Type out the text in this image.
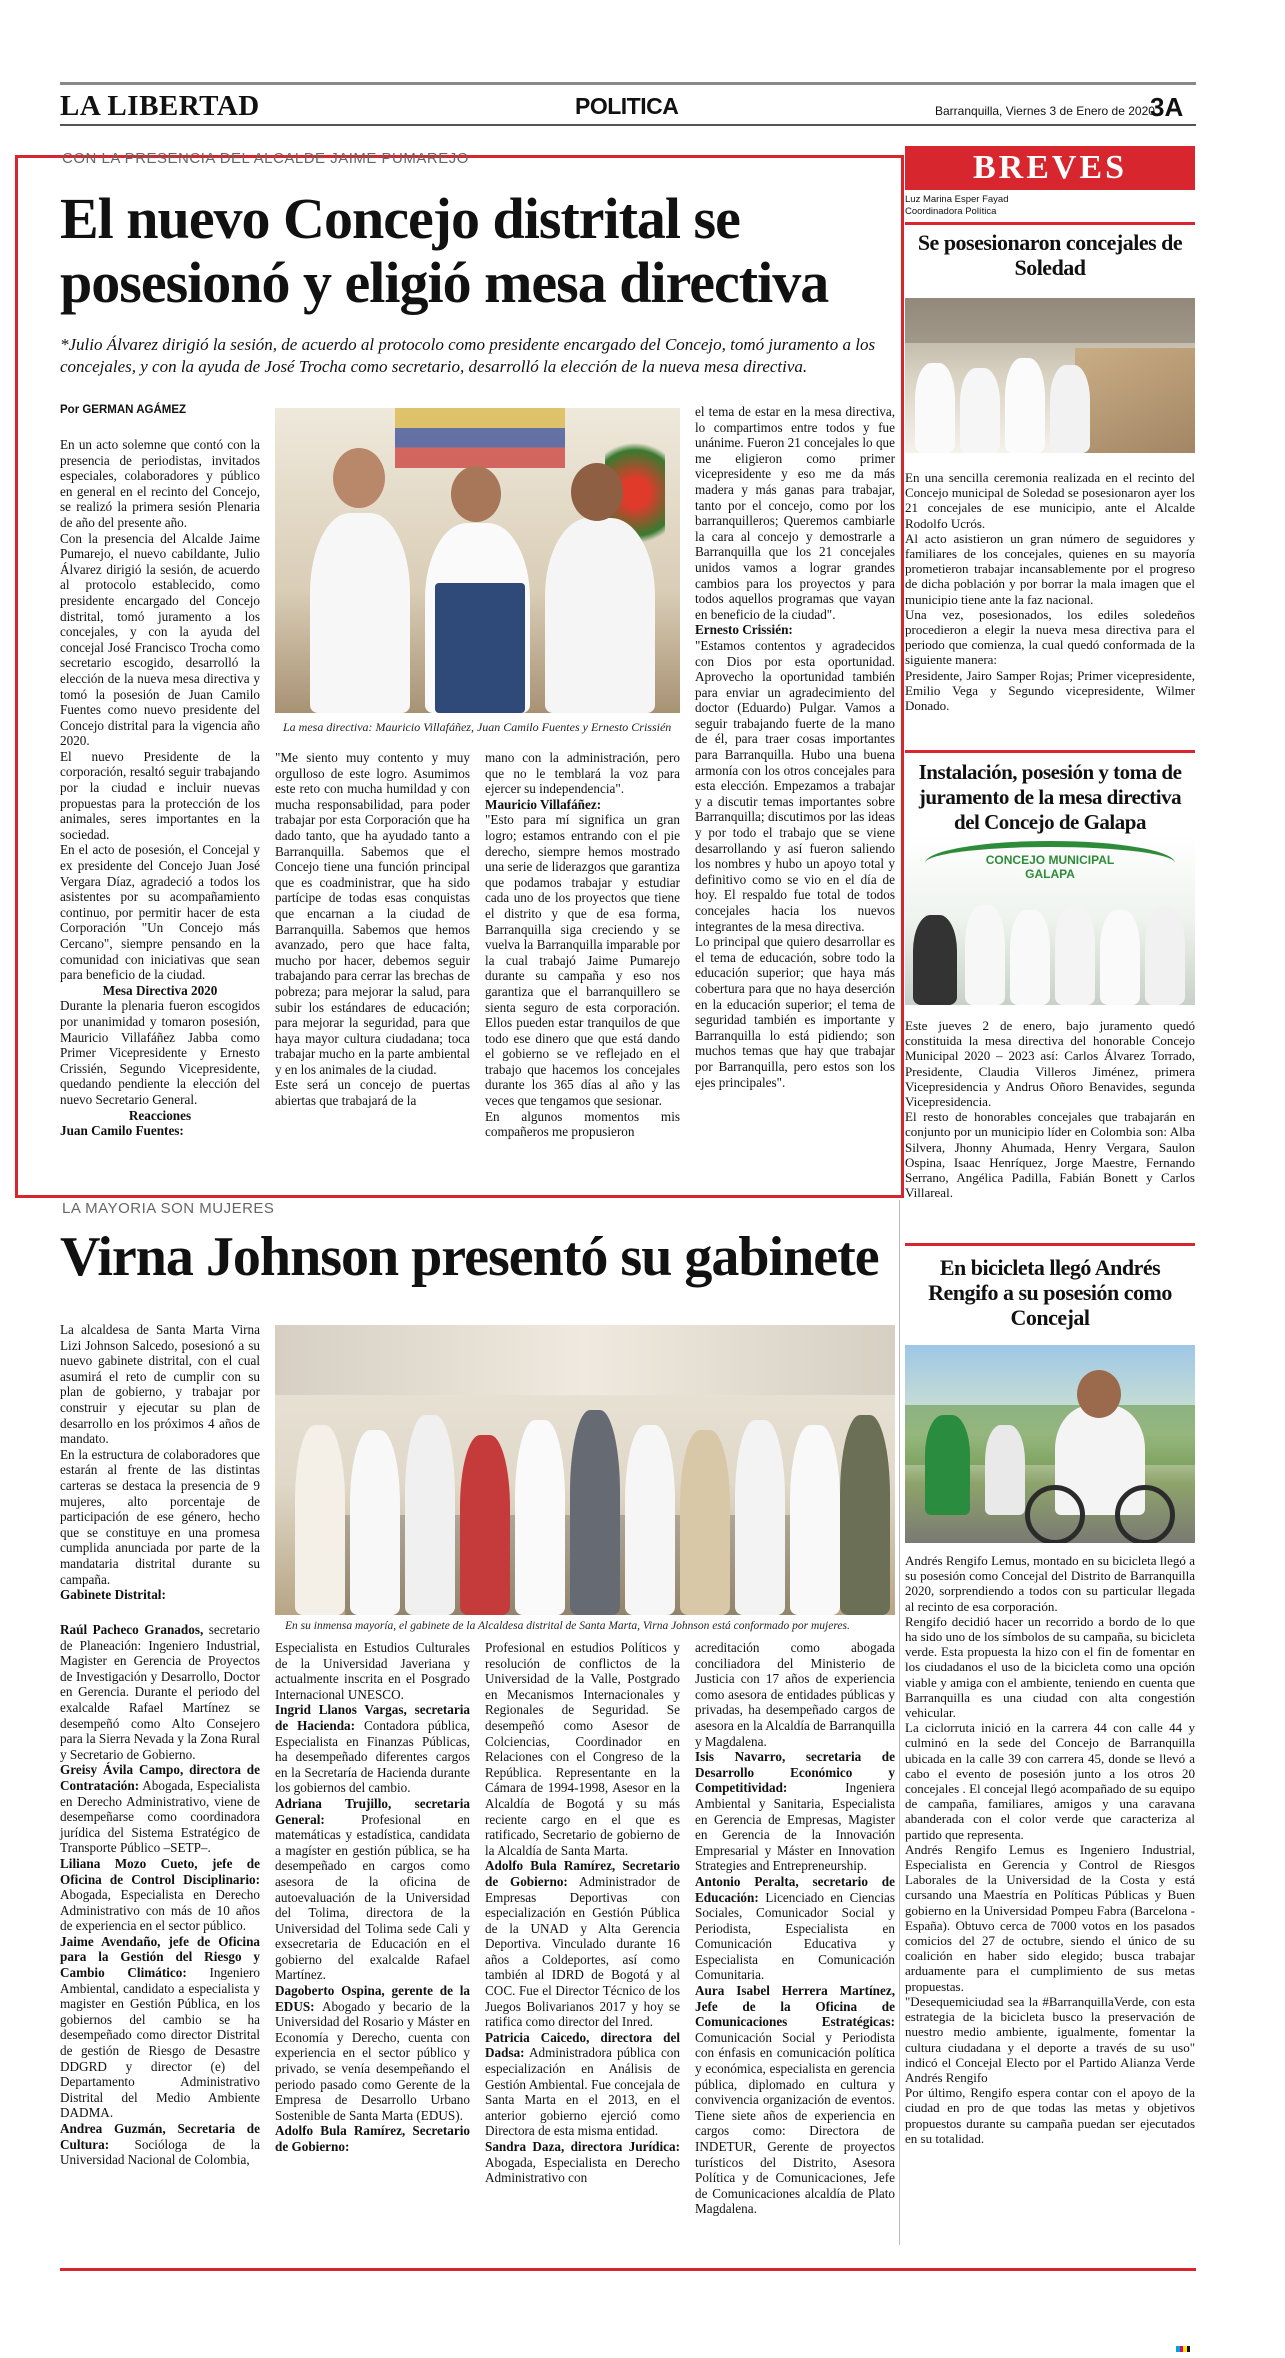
LA LIBERTAD	POLITICA	Barranquilla, Viernes 3 de Enero de 2020
3A
CON LA PRESENCIA DEL ALCALDE JAIME PUMAREJO
El nuevo Concejo distrital se
posesionó y eligió mesa directiva
*Julio Álvarez dirigió la sesión, de acuerdo al protocolo como presidente encargado del Concejo, tomó juramento a los concejales, y con la ayuda de José Trocha como secretario, desarrolló la elección de la nueva mesa directiva.
Por GERMAN AGÁMEZ
La mesa directiva: Mauricio Villafáñez, Juan Camilo Fuentes y Ernesto Crissién

En un acto solemne que contó con la presencia de periodistas, invitados especiales, colaboradores y público en general en el recinto del Concejo, se realizó la primera sesión Plenaria de año del presente año.

Con la presencia del Alcalde Jaime Pumarejo, el nuevo cabildante, Julio Álvarez dirigió la sesión, de acuerdo al protocolo establecido, como presidente encargado del Concejo distrital, tomó juramento a los concejales, y con la ayuda del concejal José Francisco Trocha como secretario escogido, desarrolló la elección de la nueva mesa directiva y tomó la posesión de Juan Camilo Fuentes como nuevo presidente del Concejo distrital para la vigencia año 2020.

El nuevo Presidente de la corporación, resaltó seguir trabajando por la ciudad e incluir nuevas propuestas para la protección de los animales, seres importantes en la sociedad.

En el acto de posesión, el Concejal y ex presidente del Concejo Juan José Vergara Díaz, agradeció a todos los asistentes por su acompañamiento continuo, por permitir hacer de esta Corporación "Un Concejo más Cercano", siempre pensando en la comunidad con iniciativas que sean para beneficio de la ciudad.

Mesa Directiva 2020

Durante la plenaria fueron escogidos por unanimidad y tomaron posesión, Mauricio Villafáñez Jabba como Primer Vicepresidente y Ernesto Crissién, Segundo Vicepresidente, quedando pendiente la elección del nuevo Secretario General.

Reacciones

Juan Camilo Fuentes:

"Me siento muy contento y muy orgulloso de este logro. Asumimos este reto con mucha humildad y con mucha responsabilidad, para poder trabajar por esta Corporación que ha dado tanto, que ha ayudado tanto a Barranquilla. Sabemos que el Concejo tiene una función principal que es coadministrar, que ha sido partícipe de todas esas conquistas que encarnan a la ciudad de Barranquilla. Sabemos que hemos avanzado, pero que hace falta, mucho por hacer, debemos seguir trabajando para cerrar las brechas de pobreza; para mejorar la salud, para subir los estándares de educación; para mejorar la seguridad, para que haya mayor cultura ciudadana; toca trabajar mucho en la parte ambiental y en los animales de la ciudad.

Este será un concejo de puertas abiertas que trabajará de la

mano con la administración, pero que no le temblará la voz para ejercer su independencia".

Mauricio Villafáñez:

"Esto para mí significa un gran logro; estamos entrando con el pie derecho, siempre hemos mostrado una serie de liderazgos que garantiza que podamos trabajar y estudiar cada uno de los proyectos que tiene el distrito y que de esa forma, Barranquilla siga creciendo y se vuelva la Barranquilla imparable por la cual trabajó Jaime Pumarejo durante su campaña y eso nos garantiza que el barranquillero se sienta seguro de esta corporación. Ellos pueden estar tranquilos de que todo ese dinero que que está dando el gobierno se ve reflejado en el trabajo que hacemos los concejales durante los 365 días al año y las veces que tengamos que sesionar.

En algunos momentos mis compañeros me propusieron

el tema de estar en la mesa directiva, lo compartimos entre todos y fue unánime. Fueron 21 concejales lo que me eligieron como primer vicepresidente y eso me da más madera y más ganas para trabajar, tanto por el concejo, como por los barranquilleros; Queremos cambiarle la cara al concejo y demostrarle a Barranquilla que los 21 concejales unidos vamos a lograr grandes cambios para los proyectos y para todos aquellos programas que vayan en beneficio de la ciudad".

Ernesto Crissién:

"Estamos contentos y agradecidos con Dios por esta oportunidad. Aprovecho la oportunidad también para enviar un agradecimiento del doctor (Eduardo) Pulgar. Vamos a seguir trabajando fuerte de la mano de él, para traer cosas importantes para Barranquilla. Hubo una buena armonía con los otros concejales para esta elección. Empezamos a trabajar y a discutir temas importantes sobre Barranquilla; discutimos por las ideas y por todo el trabajo que se viene desarrollando y así fueron saliendo los nombres y hubo un apoyo total y definitivo como se vio en el día de hoy. El respaldo fue total de todos concejales hacia los nuevos integrantes de la mesa directiva.

Lo principal que quiero desarrollar es el tema de educación, sobre todo la educación superior; que haya más cobertura para que no haya deserción en la educación superior; el tema de seguridad también es importante y Barranquilla lo está pidiendo; son muchos temas que hay que trabajar por Barranquilla, pero estos son los ejes principales".

LA MAYORIA SON MUJERES
Virna Johnson presentó su gabinete

La alcaldesa de Santa Marta Virna Lizi Johnson Salcedo, posesionó a su nuevo gabinete distrital, con el cual asumirá el reto de cumplir con su plan de gobierno, y trabajar por construir y ejecutar su plan de desarrollo en los próximos 4 años de mandato.

En la estructura de colaboradores que estarán al frente de las distintas carteras se destaca la presencia de 9 mujeres, alto porcentaje de participación de ese género, hecho que se constituye en una promesa cumplida anunciada por parte de la mandataria distrital durante su campaña.

Gabinete Distrital:

En su inmensa mayoría, el gabinete de la Alcaldesa distrital de Santa Marta, Virna Johnson está conformado por mujeres.

Raúl Pacheco Granados, secretario de Planeación: Ingeniero Industrial, Magister en Gerencia de Proyectos de Investigación y Desarrollo, Doctor en Gerencia. Durante el periodo del exalcalde Rafael Martínez se desempeñó como Alto Consejero para la Sierra Nevada y la Zona Rural y Secretario de Gobierno.

Greisy Ávila Campo, directora de Contratación: Abogada, Especialista en Derecho Administrativo, viene de desempeñarse como coordinadora jurídica del Sistema Estratégico de Transporte Público –SETP–.

Liliana Mozo Cueto, jefe de Oficina de Control Disciplinario: Abogada, Especialista en Derecho Administrativo con más de 10 años de experiencia en el sector público.

Jaime Avendaño, jefe de Oficina para la Gestión del Riesgo y Cambio Climático: Ingeniero Ambiental, candidato a especialista y magister en Gestión Pública, en los gobiernos del cambio se ha desempeñado como director Distrital de gestión de Riesgo de Desastre DDGRD y director (e) del Departamento Administrativo Distrital del Medio Ambiente DADMA.

Andrea Guzmán, Secretaria de Cultura: Socióloga de la Universidad Nacional de Colombia,

Especialista en Estudios Culturales de la Universidad Javeriana y actualmente inscrita en el Posgrado Internacional UNESCO.

Ingrid Llanos Vargas, secretaria de Hacienda: Contadora pública, Especialista en Finanzas Públicas, ha desempeñado diferentes cargos en la Secretaría de Hacienda durante los gobiernos del cambio.

Adriana Trujillo, secretaria General:	Profesional en matemáticas y estadística, candidata a magíster en gestión pública, se ha desempeñado en cargos como asesora de la oficina de autoevaluación de la Universidad del Tolima, directora de la Universidad del Tolima sede Cali y exsecretaria de Educación en el gobierno del exalcalde Rafael Martínez.

Dagoberto Ospina, gerente de la EDUS: Abogado y becario de la Universidad del Rosario y Máster en Economía y Derecho, cuenta con experiencia en el sector público y privado, se venía desempeñando el periodo pasado como Gerente de la Empresa de Desarrollo Urbano Sostenible de Santa Marta (EDUS).

Adolfo Bula Ramírez, Secretario de Gobierno:

Profesional en estudios Políticos y resolución de conflictos de la Universidad de la Valle, Postgrado en Mecanismos Internacionales y Regionales de Seguridad. Se desempeñó como Asesor de Colciencias, Coordinador en Relaciones con el Congreso de la República. Representante en la Cámara de 1994-1998, Asesor en la Alcaldía de Bogotá y su más reciente cargo en el que es ratificado, Secretario de gobierno de la Alcaldía de Santa Marta.

Adolfo Bula Ramírez, Secretario de Gobierno: Administrador de Empresas Deportivas con especialización en Gestión Pública de la UNAD y Alta Gerencia Deportiva. Vinculado durante 16 años a Coldeportes, así como también al IDRD de Bogotá y al COC. Fue el Director Técnico de los Juegos Bolivarianos 2017 y hoy se ratifica como director del Inred.

Patricia Caicedo, directora del Dadsa: Administradora pública con especialización en Análisis de Gestión Ambiental. Fue concejala de Santa Marta en el 2013, en el anterior gobierno ejerció como Directora de esta misma entidad.

Sandra Daza, directora Jurídica: Abogada, Especialista en Derecho Administrativo con

acreditación como abogada conciliadora del Ministerio de Justicia con 17 años de experiencia como asesora de entidades públicas y privadas, ha desempeñado cargos de asesora en la Alcaldía de Barranquilla y Magdalena.

Isis Navarro, secretaria de Desarrollo Económico y Competitividad:	Ingeniera Ambiental y Sanitaria, Especialista en Gerencia de Empresas, Magister en Gerencia de la Innovación Empresarial y Máster en Innovation Strategies and Entrepreneurship.

Antonio Peralta, secretario de Educación: Licenciado en Ciencias Sociales, Comunicador Social y Periodista, Especialista en Comunicación Educativa y Especialista en Comunicación Comunitaria.

Aura Isabel Herrera Martínez, Jefe de la Oficina de Comunicaciones Estratégicas: Comunicación Social y Periodista con énfasis en comunicación política y económica, especialista en gerencia pública, diplomado en cultura y convivencia organización de eventos. Tiene siete años de experiencia en cargos como: Directora de INDETUR, Gerente de proyectos turísticos del Distrito, Asesora Política y de Comunicaciones, Jefe de Comunicaciones alcaldía de Plato Magdalena.

BREVES
Luz Marina Esper Fayad
Coordinadora Política
Se posesionaron concejales de Soledad

En una sencilla ceremonia realizada en el recinto del Concejo municipal de Soledad se posesionaron ayer los 21 concejales de ese municipio, ante el Alcalde Rodolfo Ucrós.

Al acto asistieron un gran número de seguidores y familiares de los concejales, quienes en su mayoría prometieron trabajar incansablemente por el progreso de dicha población y por borrar la mala imagen que el municipio tiene ante la faz nacional.

Una vez, posesionados, los ediles soledeños procedieron a elegir la nueva mesa directiva para el periodo que comienza, la cual quedó conformada de la siguiente manera:

Presidente, Jairo Samper Rojas; Primer vicepresidente, Emilio Vega y Segundo vicepresidente, Wilmer Donado.

Instalación, posesión y toma de juramento de la mesa directiva del Concejo de Galapa
CONCEJO MUNICIPAL GALAPA

Este jueves 2 de enero, bajo juramento quedó constituida la mesa directiva del honorable Concejo Municipal 2020 – 2023 así: Carlos Álvarez Torrado, Presidente, Claudia Villeros Jiménez, primera Vicepresidencia y Andrus Oñoro Benavides, segunda Vicepresidencia.

El resto de honorables concejales que trabajarán en conjunto por un municipio líder en Colombia son: Alba Silvera, Jhonny Ahumada, Henry Vergara, Saulon Ospina, Isaac Henríquez, Jorge Maestre, Fernando Serrano, Angélica Padilla, Fabián Bonett y Carlos Villareal.

En bicicleta llegó Andrés Rengifo a su posesión como Concejal

Andrés Rengifo Lemus, montado en su bicicleta llegó a su posesión como Concejal del Distrito de Barranquilla 2020, sorprendiendo a todos con su particular llegada al recinto de esa corporación.

Rengifo decidió hacer un recorrido a bordo de lo que ha sido uno de los símbolos de su campaña, su bicicleta verde. Esta propuesta la hizo con el fin de fomentar en los ciudadanos el uso de la bicicleta como una opción viable y amiga con el ambiente, teniendo en cuenta que Barranquilla es una ciudad con alta congestión vehicular.

La ciclorruta inició en la carrera 44 con calle 44 y culminó en la sede del Concejo de Barranquilla ubicada en la calle 39 con carrera 45, donde se llevó a cabo el evento de posesión junto a los otros 20 concejales . El concejal llegó acompañado de su equipo de campaña, familiares, amigos y una caravana abanderada con el color verde que caracteriza al partido que representa.

Andrés Rengifo Lemus es Ingeniero Industrial, Especialista en Gerencia y Control de Riesgos Laborales de la Universidad de la Costa y está cursando una Maestría en Políticas Públicas y Buen gobierno en la Universidad Pompeu Fabra (Barcelona - España). Obtuvo cerca de 7000 votos en los pasados comicios del 27 de octubre, siendo el único de su coalición en haber sido elegido; busca trabajar arduamente para el cumplimiento de sus metas propuestas.

"Desequemiciudad sea la #BarranquillaVerde, con esta estrategia de la bicicleta busco la preservación de nuestro medio ambiente, igualmente, fomentar la cultura ciudadana y el deporte a través de su uso" indicó el Concejal Electo por el Partido Alianza Verde Andrés Rengifo

Por último, Rengifo espera contar con el apoyo de la ciudad en pro de que todas las metas y objetivos propuestos durante su campaña puedan ser ejecutados en su totalidad.
